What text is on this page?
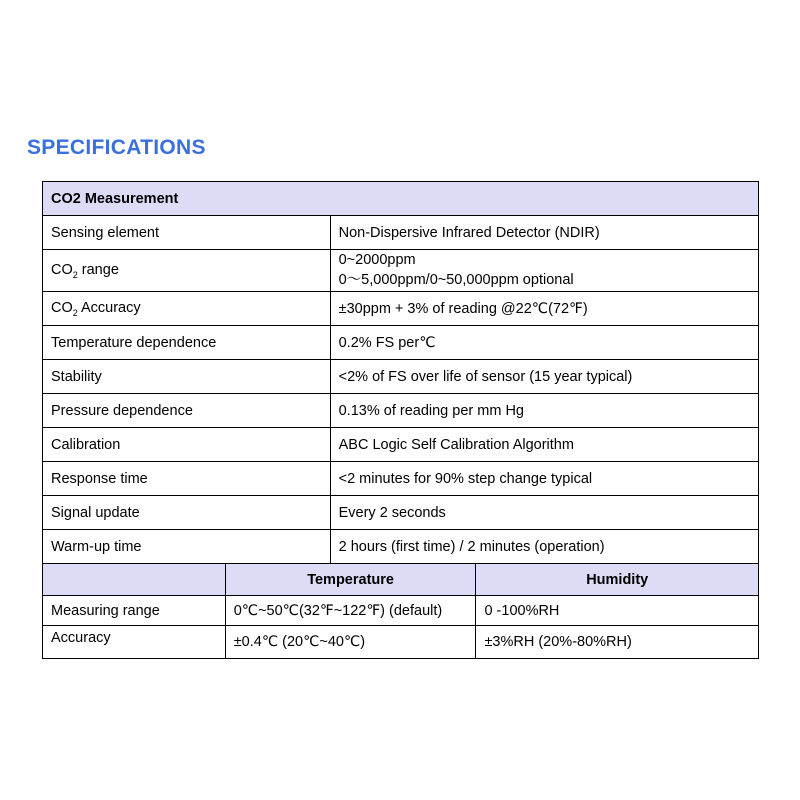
SPECIFICATIONS
CO2 Measurement			
Sensing element		Non-Dispersive Infrared Detector (NDIR)	
$CO_2$ range		0~2000ppm
0～5,000ppm/0~50,000ppm optional	

$CO_2$ Accuracy		±30ppm + 3% of reading @22℃(72℉)	
Temperature dependence		0.2% FS per℃	
Stability		<2% of FS over life of sensor (15 year typical)	
Pressure dependence		0.13% of reading per mm Hg	
Calibration		ABC Logic Self Calibration Algorithm	
Response time		<2 minutes for 90% step change typical	
Signal update		Every 2 seconds	
Warm-up time		2 hours (first time) / 2 minutes (operation)	
	Temperature		Humidity
Measuring range	0℃~50℃(32℉~122℉) (default)		0 -100%RH
Accuracy	±0.4℃ (20℃~40℃)		±3%RH (20%-80%RH)
